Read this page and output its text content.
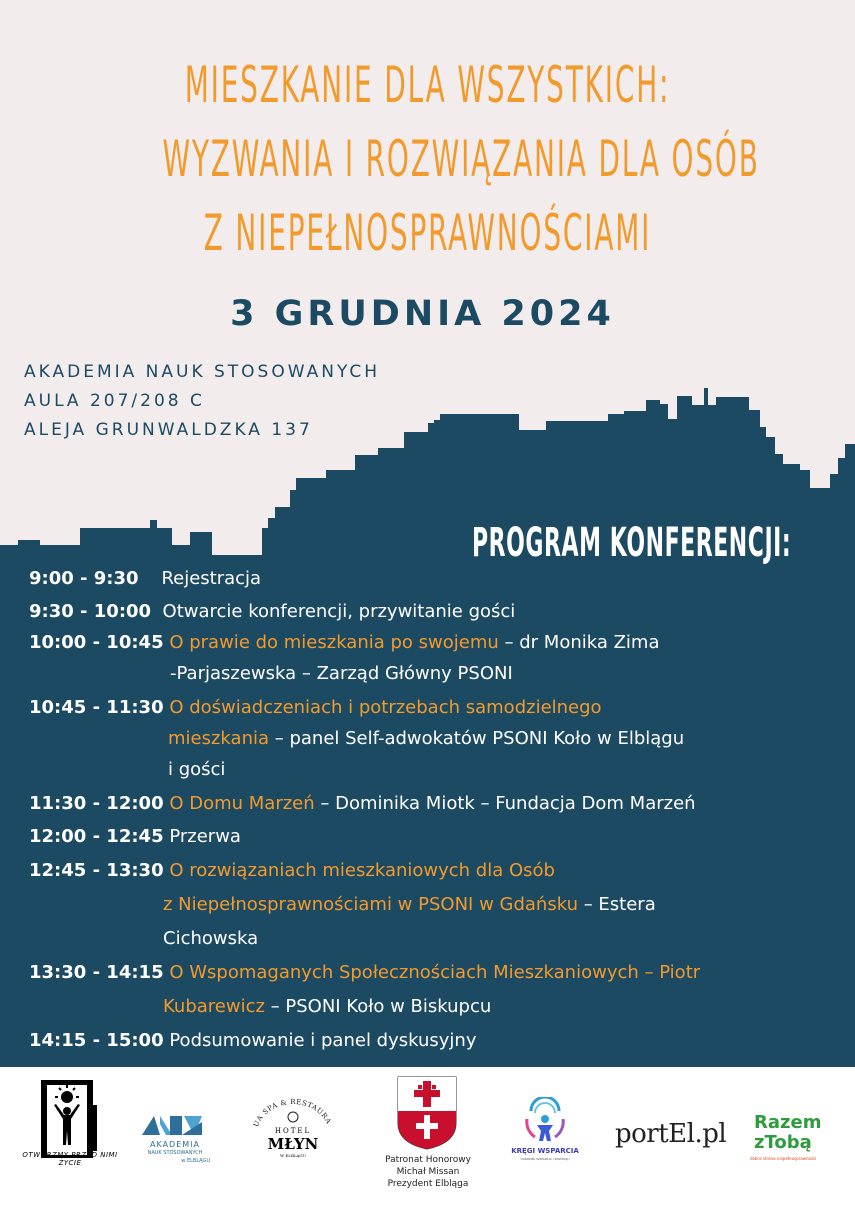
MIESZKANIE DLA WSZYSTKICH:
WYZWANIA I ROZWIĄZANIA DLA OSÓB
Z NIEPEŁNOSPRAWNOŚCIAMI
3 GRUDNIA 2024
AKADEMIA NAUK STOSOWANYCH
AULA 207/208 C
ALEJA GRUNWALDZKA 137
PROGRAM KONFERENCJI:
9:00 - 9:30 Rejestracja
9:30 - 10:00 Otwarcie konferencji, przywitanie gości
10:00 - 10:45 O prawie do mieszkania po swojemu – dr Monika Zima
-Parjaszewska – Zarząd Główny PSONI
10:45 - 11:30 O doświadczeniach i potrzebach samodzielnego
mieszkania – panel Self-adwokatów PSONI Koło w Elblągu
i gości
11:30 - 12:00 O Domu Marzeń – Dominika Miotk – Fundacja Dom Marzeń
12:00 - 12:45 Przerwa
12:45 - 13:30 O rozwiązaniach mieszkaniowych dla Osób
z Niepełnosprawnościami w PSONI w Gdańsku – Estera
Cichowska
13:30 - 14:15 O Wspomaganych Społecznościach Mieszkaniowych – Piotr
Kubarewicz – PSONI Koło w Biskupcu
14:15 - 15:00 Podsumowanie i panel dyskusyjny
OTWÓRZMY PRZED NIMI ŻYCIE
AKADEMIA
NAUK STOSOWANYCH
w ELBLĄGU
UA SPA & RESTAURA
HOTEL
MŁYN
W ELBLĄGU	Patronat Honorowy
Michał Missan
Prezydent Elbląga
KRĘGI WSPARCIA
OŚRODEK WSPARCIA I ROZWOJU
portEl.pl Razem
zTobą
dobra strona niepełnosprawności
